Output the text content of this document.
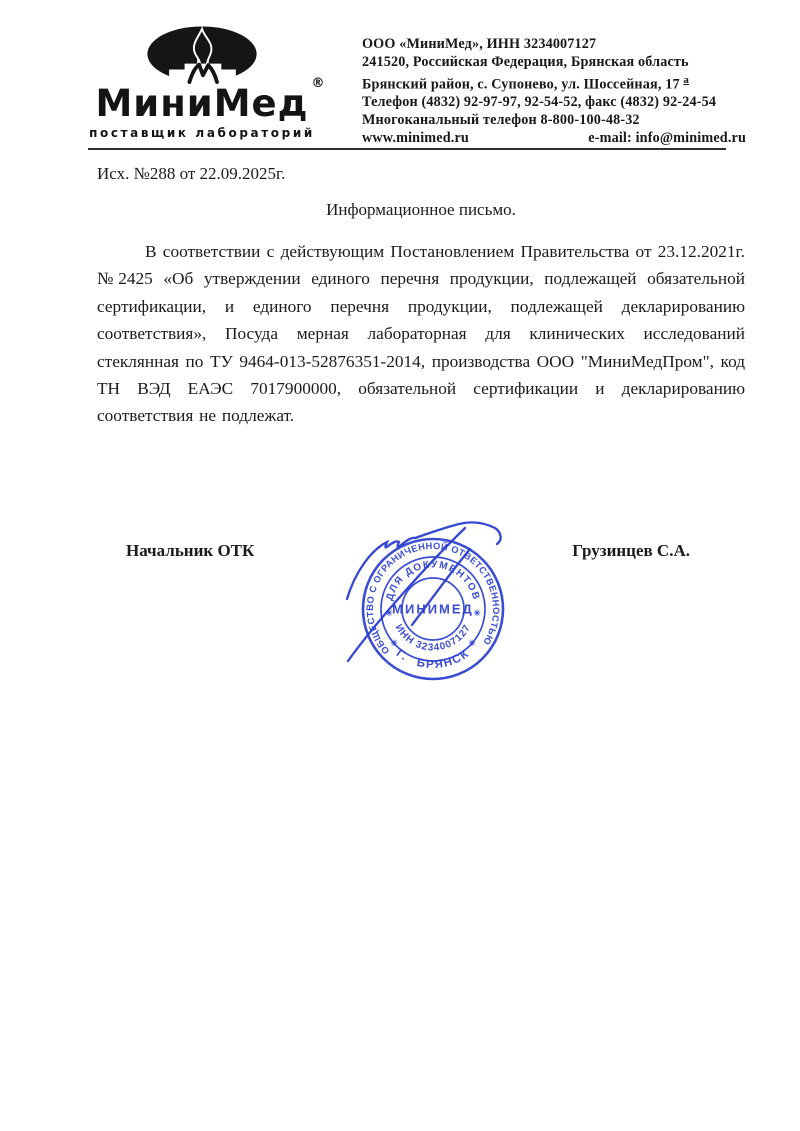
МиниМед ®
поставщик лабораторий
ООО «МиниМед», ИНН 3234007127
241520, Российская Федерация, Брянская область
Брянский район, с. Супонево, ул. Шоссейная, 17 $^а$
Телефон (4832) 92-97-97, 92-54-52, факс (4832) 92-24-54
Многоканальный телефон 8-800-100-48-32
www.minimed.ru	e-mail: info@minimed.ru
Исх. №288 от 22.09.2025г.
Информационное письмо.
В соответствии с действующим Постановлением Правительства от 23.12.2021г. №2425 «Об утверждении единого перечня продукции, подлежащей обязательной сертификации, и единого перечня продукции, подлежащей декларированию соответствия», Посуда мерная лабораторная для клинических исследований стеклянная по ТУ 9464-013-52876351-2014, производства ООО "МиниМедПром", код ТН ВЭД ЕАЭС 7017900000, обязательной сертификации и декларированию соответствия не подлежат.
Начальник ОТК	Грузинцев С.А.
ОБЩЕСТВО С ОГРАНИЧЕННОЙ ОТВЕТСТВЕННОСТЬЮ
Г. БРЯНСК
ДЛЯ ДОКУМЕНТОВ
ИНН 3234007127
МИНИМЕД
✳	✳
✳	✳
